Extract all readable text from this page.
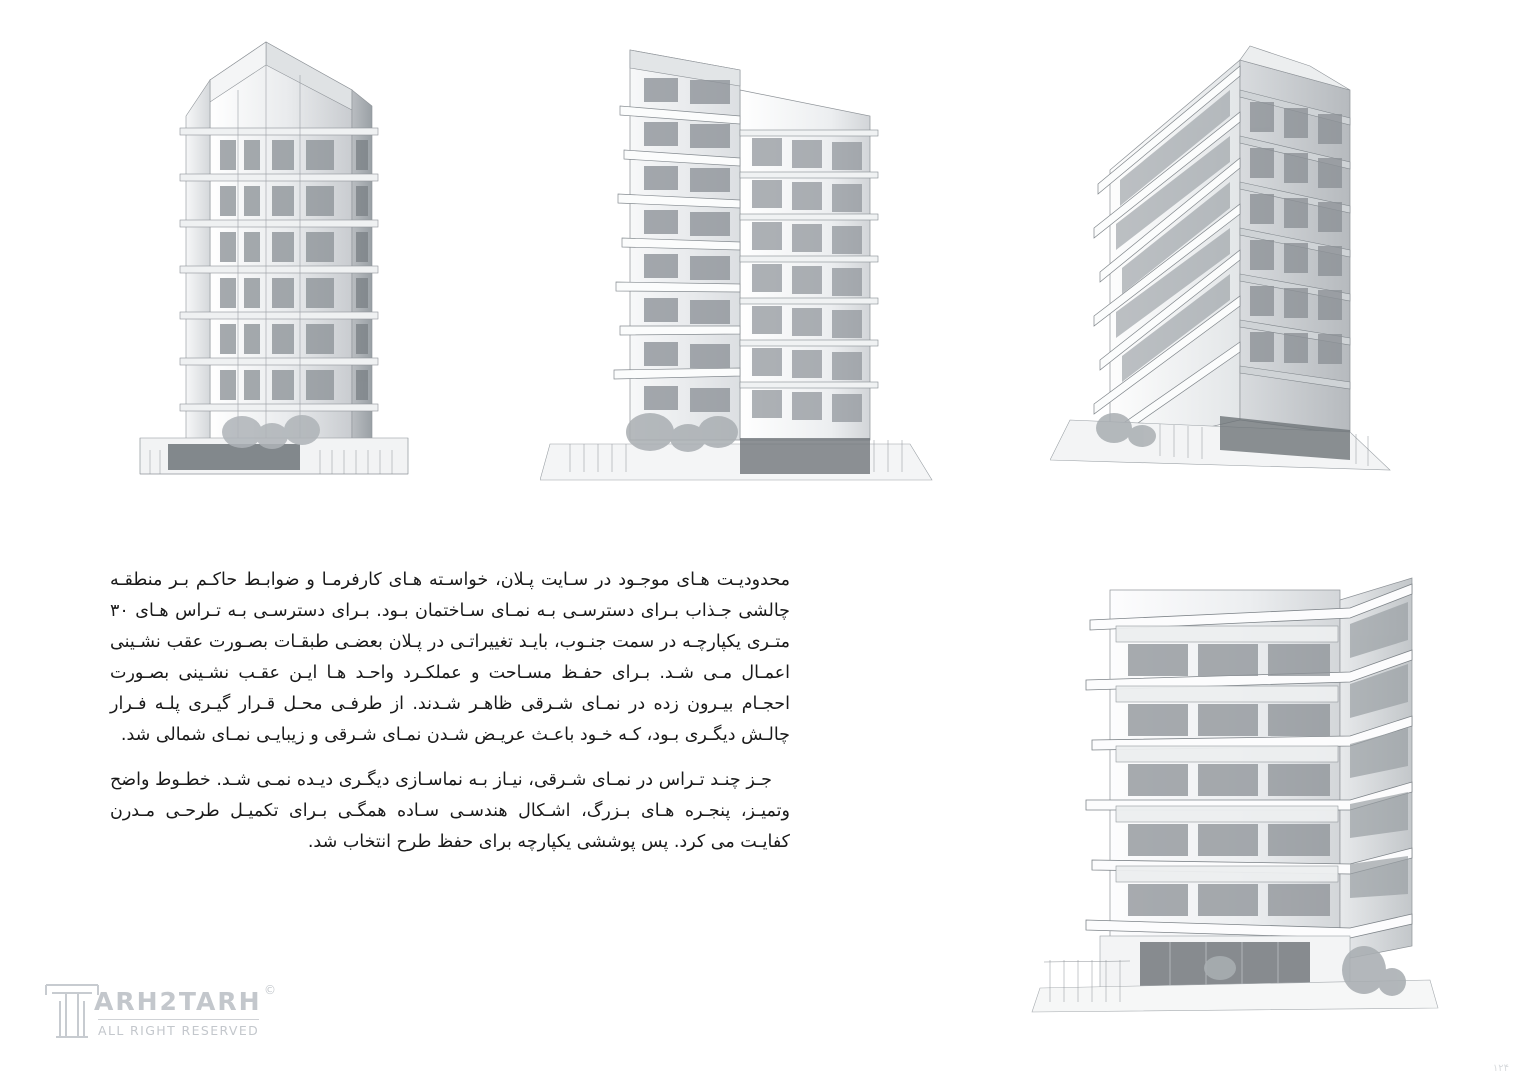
محدودیـت هـای موجـود در سـایت پـلان، خواسـته هـای کارفرمـا و ضوابـط حاکـم بـر منطقـه چالشی جـذاب بـرای دسترسـی بـه نمـای سـاختمان بـود. بـرای دسترسـی بـه تـراس هـای ۳۰ متـری یکپارچـه در سمت جنـوب، بایـد تغییراتـی در پـلان بعضـی طبقـات بصـورت عقب نشـینی اعمـال مـی شـد. بـرای حفـظ مسـاحت و عملکـرد واحـد هـا ایـن عقـب نشـینی بصـورت احجـام بیـرون زده در نمـای شـرقی ظاهـر شـدند. از طرفـی محـل قـرار گیـری پلـه فـرار چالـش دیگـری بـود، کـه خـود باعـث عریـض شـدن نمـای شـرقی و زیبایـی نمـای شمالی شد.

جـز چنـد تـراس در نمـای شـرقی، نیـاز بـه نماسـازی دیگـری دیـده نمـی شـد. خطـوط واضح وتمیـز، پنجـره هـای بـزرگ، اشـکال هندسـی سـاده همگـی بـرای تکمیـل طرحـی مـدرن کفایـت می کرد. پس پوششی یکپارچه برای حفظ طرح انتخاب شد.

ARH2TARH ©
ALL RIGHT RESERVED
۱۲۴
